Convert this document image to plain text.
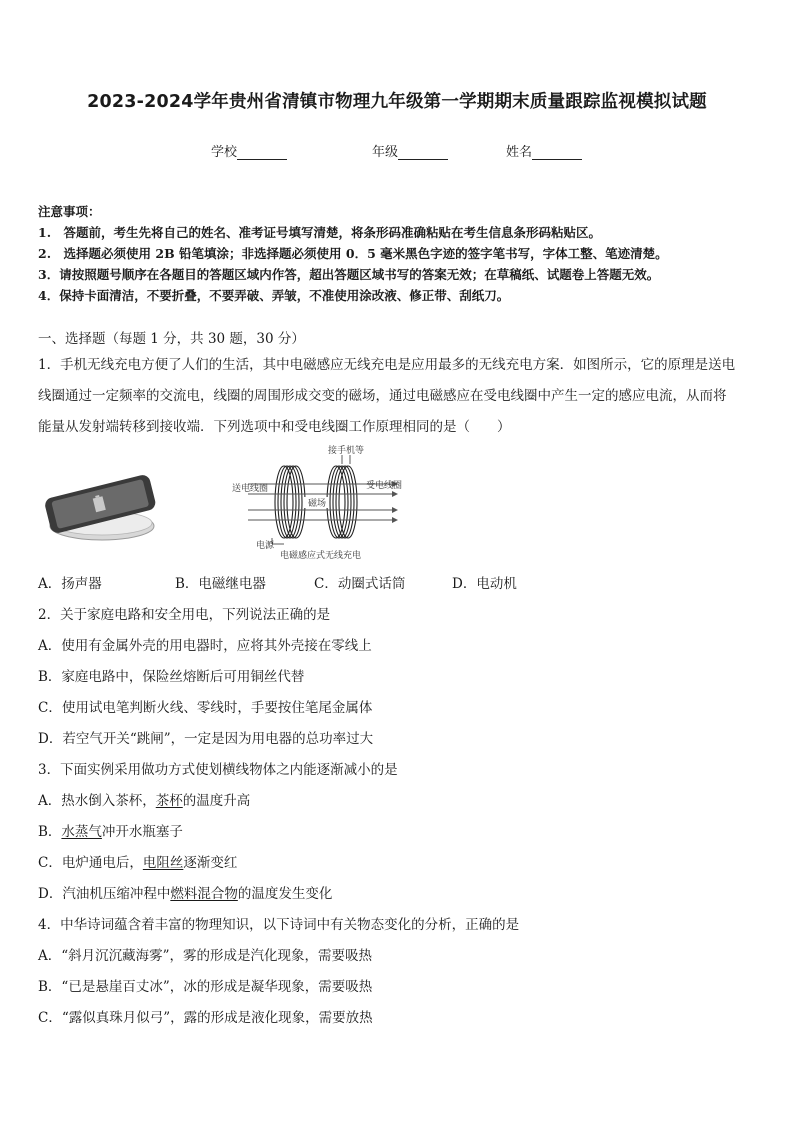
2023-2024学年贵州省清镇市物理九年级第一学期期末质量跟踪监视模拟试题
学校	年级	姓名
注意事项：
1.　答题前，考生先将自己的姓名、准考证号填写清楚，将条形码准确粘贴在考生信息条形码粘贴区。
2.　选择题必须使用 2B 铅笔填涂；非选择题必须使用 0．5 毫米黑色字迹的签字笔书写，字体工整、笔迹清楚。
3．请按照题号顺序在各题目的答题区域内作答，超出答题区域书写的答案无效；在草稿纸、试题卷上答题无效。
4．保持卡面清洁，不要折叠，不要弄破、弄皱，不准使用涂改液、修正带、刮纸刀。
一、选择题（每题 1 分，共 30 题，30 分）
1．手机无线充电方便了人们的生活，其中电磁感应无线充电是应用最多的无线充电方案．如图所示，它的原理是送电
线圈通过一定频率的交流电，线圈的周围形成交变的磁场，通过电磁感应在受电线圈中产生一定的感应电流，从而将
能量从发射端转移到接收端．下列选项中和受电线圈工作原理相同的是（　　）
接手机等
磁场
送电线圈	受电线圈
电源
电磁感应式无线充电
A．扬声器	B．电磁继电器	C．动圈式话筒	D．电动机
2．关于家庭电路和安全用电，下列说法正确的是
A．使用有金属外壳的用电器时，应将其外壳接在零线上
B．家庭电路中，保险丝熔断后可用铜丝代替
C．使用试电笔判断火线、零线时，手要按住笔尾金属体
D．若空气开关“跳闸”，一定是因为用电器的总功率过大
3．下面实例采用做功方式使划横线物体之内能逐渐减小的是
A．热水倒入茶杯，茶杯的温度升高
B．水蒸气冲开水瓶塞子
C．电炉通电后，电阻丝逐渐变红
D．汽油机压缩冲程中燃料混合物的温度发生变化
4．中华诗词蕴含着丰富的物理知识，以下诗词中有关物态变化的分析，正确的是
A．“斜月沉沉藏海雾”，雾的形成是汽化现象，需要吸热
B．“已是悬崖百丈冰”，冰的形成是凝华现象，需要吸热
C．“露似真珠月似弓”，露的形成是液化现象，需要放热
